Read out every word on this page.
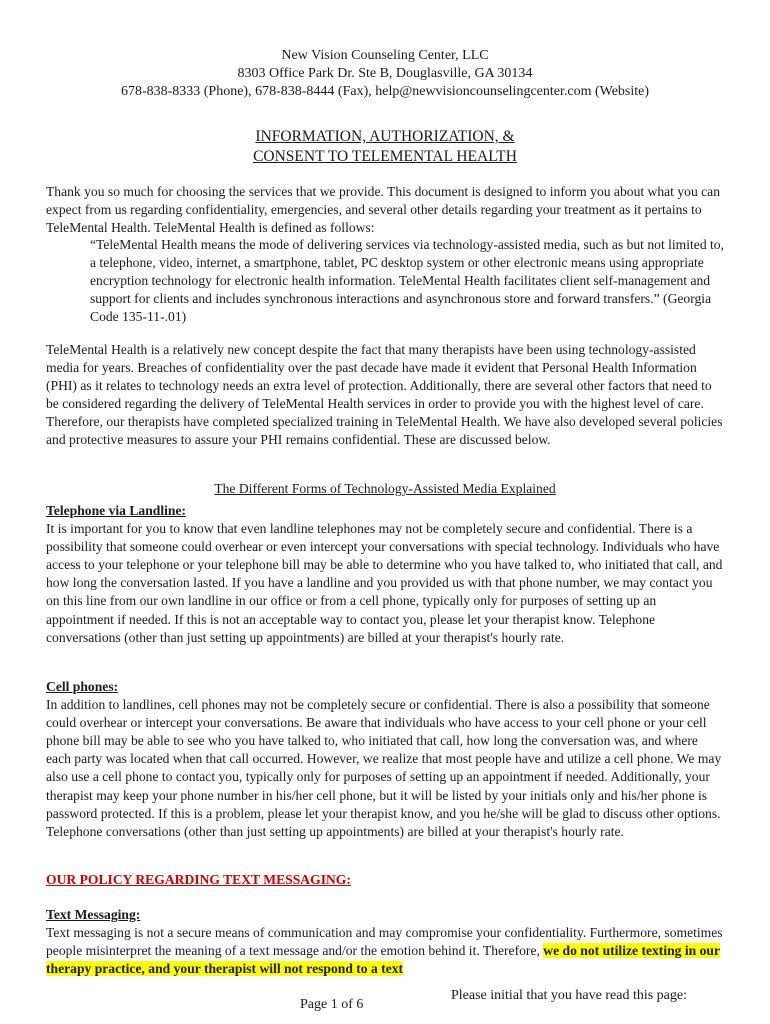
New Vision Counseling Center, LLC
8303 Office Park Dr. Ste B, Douglasville, GA 30134
678-838-8333 (Phone), 678-838-8444 (Fax), help@newvisioncounselingcenter.com (Website)
INFORMATION, AUTHORIZATION, &
CONSENT TO TELEMENTAL HEALTH

Thank you so much for choosing the services that we provide. This document is designed to inform you about what you can expect from us regarding confidentiality, emergencies, and several other details regarding your treatment as it pertains to TeleMental Health. TeleMental Health is defined as follows:

“TeleMental Health means the mode of delivering services via technology-assisted media, such as but not limited to, a telephone, video, internet, a smartphone, tablet, PC desktop system or other electronic means using appropriate encryption technology for electronic health information. TeleMental Health facilitates client self-management and support for clients and includes synchronous interactions and asynchronous store and forward transfers.” (Georgia Code 135-11-.01)

TeleMental Health is a relatively new concept despite the fact that many therapists have been using technology-assisted media for years. Breaches of confidentiality over the past decade have made it evident that Personal Health Information (PHI) as it relates to technology needs an extra level of protection. Additionally, there are several other factors that need to be considered regarding the delivery of TeleMental Health services in order to provide you with the highest level of care. Therefore, our therapists have completed specialized training in TeleMental Health. We have also developed several policies and protective measures to assure your PHI remains confidential. These are discussed below.

The Different Forms of Technology-Assisted Media Explained
Telephone via Landline:

It is important for you to know that even landline telephones may not be completely secure and confidential. There is a possibility that someone could overhear or even intercept your conversations with special technology. Individuals who have access to your telephone or your telephone bill may be able to determine who you have talked to, who initiated that call, and how long the conversation lasted. If you have a landline and you provided us with that phone number, we may contact you on this line from our own landline in our office or from a cell phone, typically only for purposes of setting up an appointment if needed. If this is not an acceptable way to contact you, please let your therapist know. Telephone conversations (other than just setting up appointments) are billed at your therapist's hourly rate.

Cell phones:

In addition to landlines, cell phones may not be completely secure or confidential. There is also a possibility that someone could overhear or intercept your conversations. Be aware that individuals who have access to your cell phone or your cell phone bill may be able to see who you have talked to, who initiated that call, how long the conversation was, and where each party was located when that call occurred. However, we realize that most people have and utilize a cell phone. We may also use a cell phone to contact you, typically only for purposes of setting up an appointment if needed. Additionally, your therapist may keep your phone number in his/her cell phone, but it will be listed by your initials only and his/her phone is password protected. If this is a problem, please let your therapist know, and you he/she will be glad to discuss other options. Telephone conversations (other than just setting up appointments) are billed at your therapist's hourly rate.

OUR POLICY REGARDING TEXT MESSAGING:
Text Messaging:

Text messaging is not a secure means of communication and may compromise your confidentiality. Furthermore, sometimes people misinterpret the meaning of a text message and/or the emotion behind it. Therefore, we do not utilize texting in our therapy practice, and your therapist will not respond to a text

Please initial that you have read this page:
Page 1 of 6
